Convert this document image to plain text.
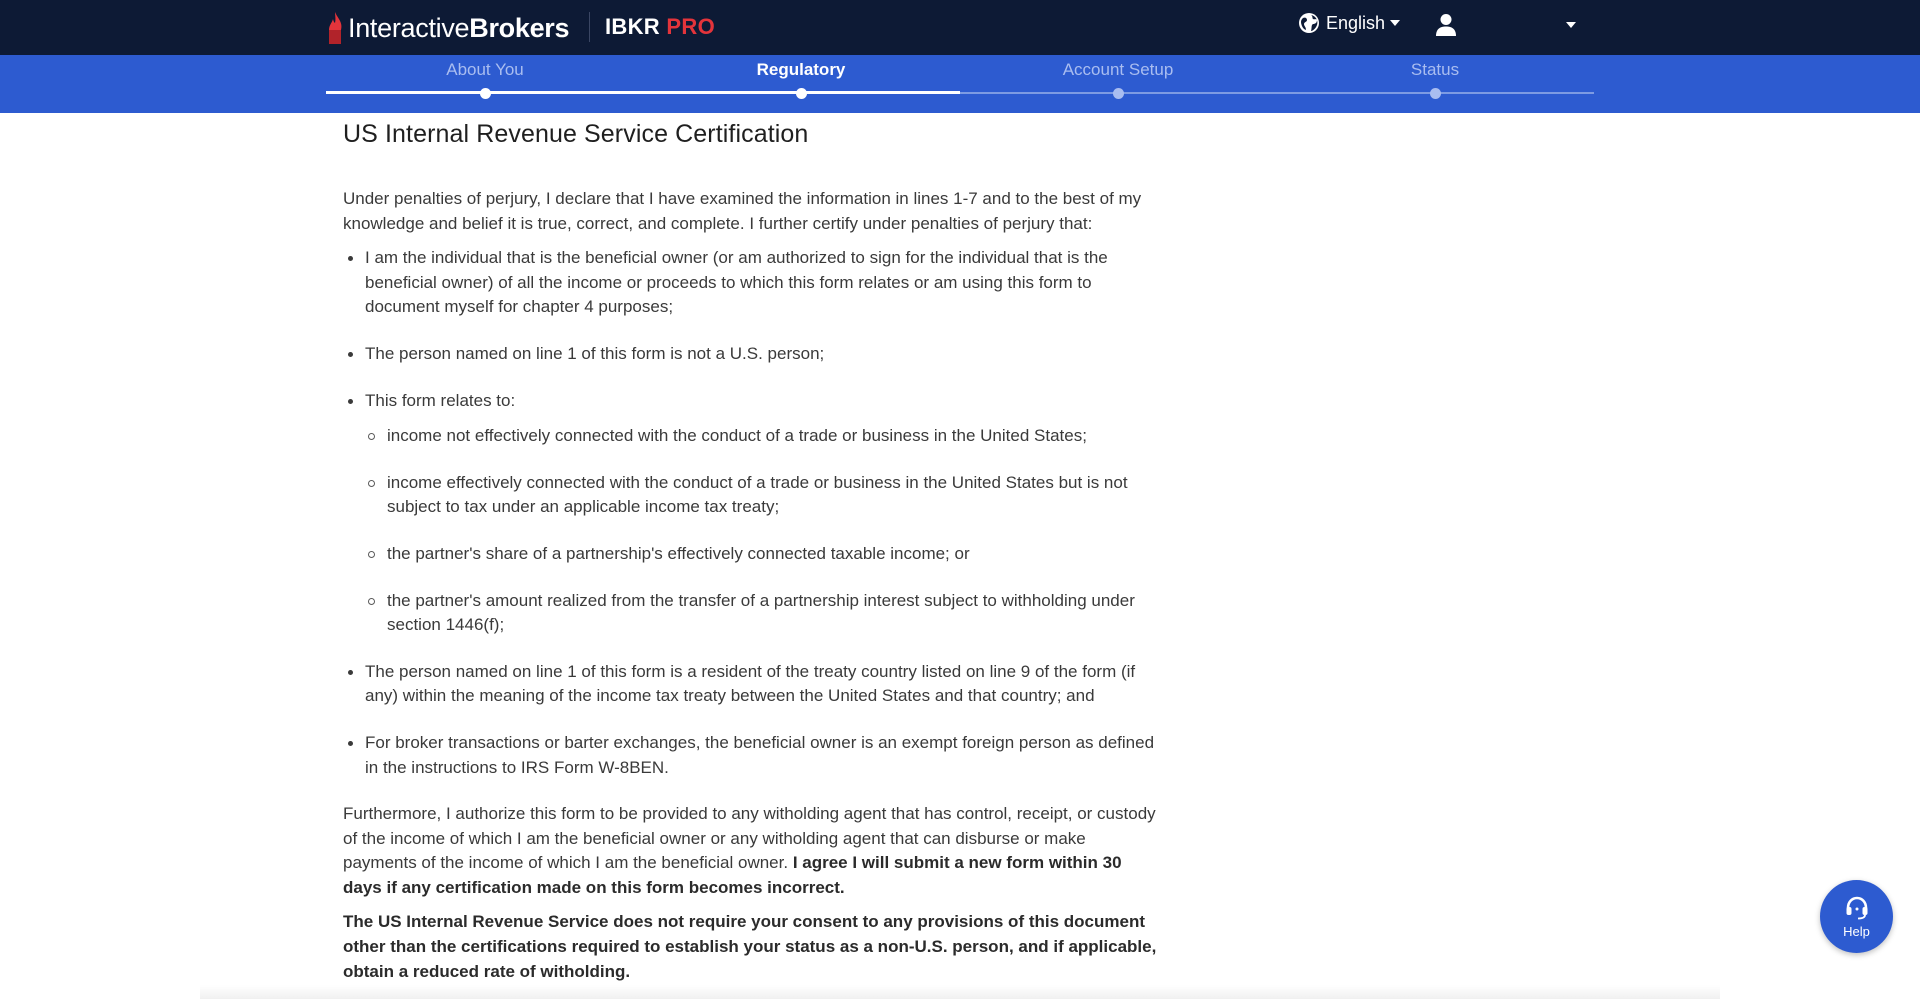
InteractiveBrokers IBKR PRO	English
About You	Regulatory	Account Setup	Status
US Internal Revenue Service Certification

Under penalties of perjury, I declare that I have examined the information in lines 1-7 and to the best of my knowledge and belief it is true, correct, and complete. I further certify under penalties of perjury that:

I am the individual that is the beneficial owner (or am authorized to sign for the individual that is the beneficial owner) of all the income or proceeds to which this form relates or am using this form to document myself for chapter 4 purposes;
The person named on line 1 of this form is not a U.S. person;
This form relates to:
income not effectively connected with the conduct of a trade or business in the United States;
income effectively connected with the conduct of a trade or business in the United States but is not subject to tax under an applicable income tax treaty;
the partner's share of a partnership's effectively connected taxable income; or
the partner's amount realized from the transfer of a partnership interest subject to withholding under section 1446(f);
The person named on line 1 of this form is a resident of the treaty country listed on line 9 of the form (if any) within the meaning of the income tax treaty between the United States and that country; and
For broker transactions or barter exchanges, the beneficial owner is an exempt foreign person as defined in the instructions to IRS Form W-8BEN.

Furthermore, I authorize this form to be provided to any witholding agent that has control, receipt, or custody of the income of which I am the beneficial owner or any witholding agent that can disburse or make payments of the income of which I am the beneficial owner. I agree I will submit a new form within 30 days if any certification made on this form becomes incorrect.

The US Internal Revenue Service does not require your consent to any provisions of this document other than the certifications required to establish your status as a non-U.S. person, and if applicable, obtain a reduced rate of witholding.

Help
